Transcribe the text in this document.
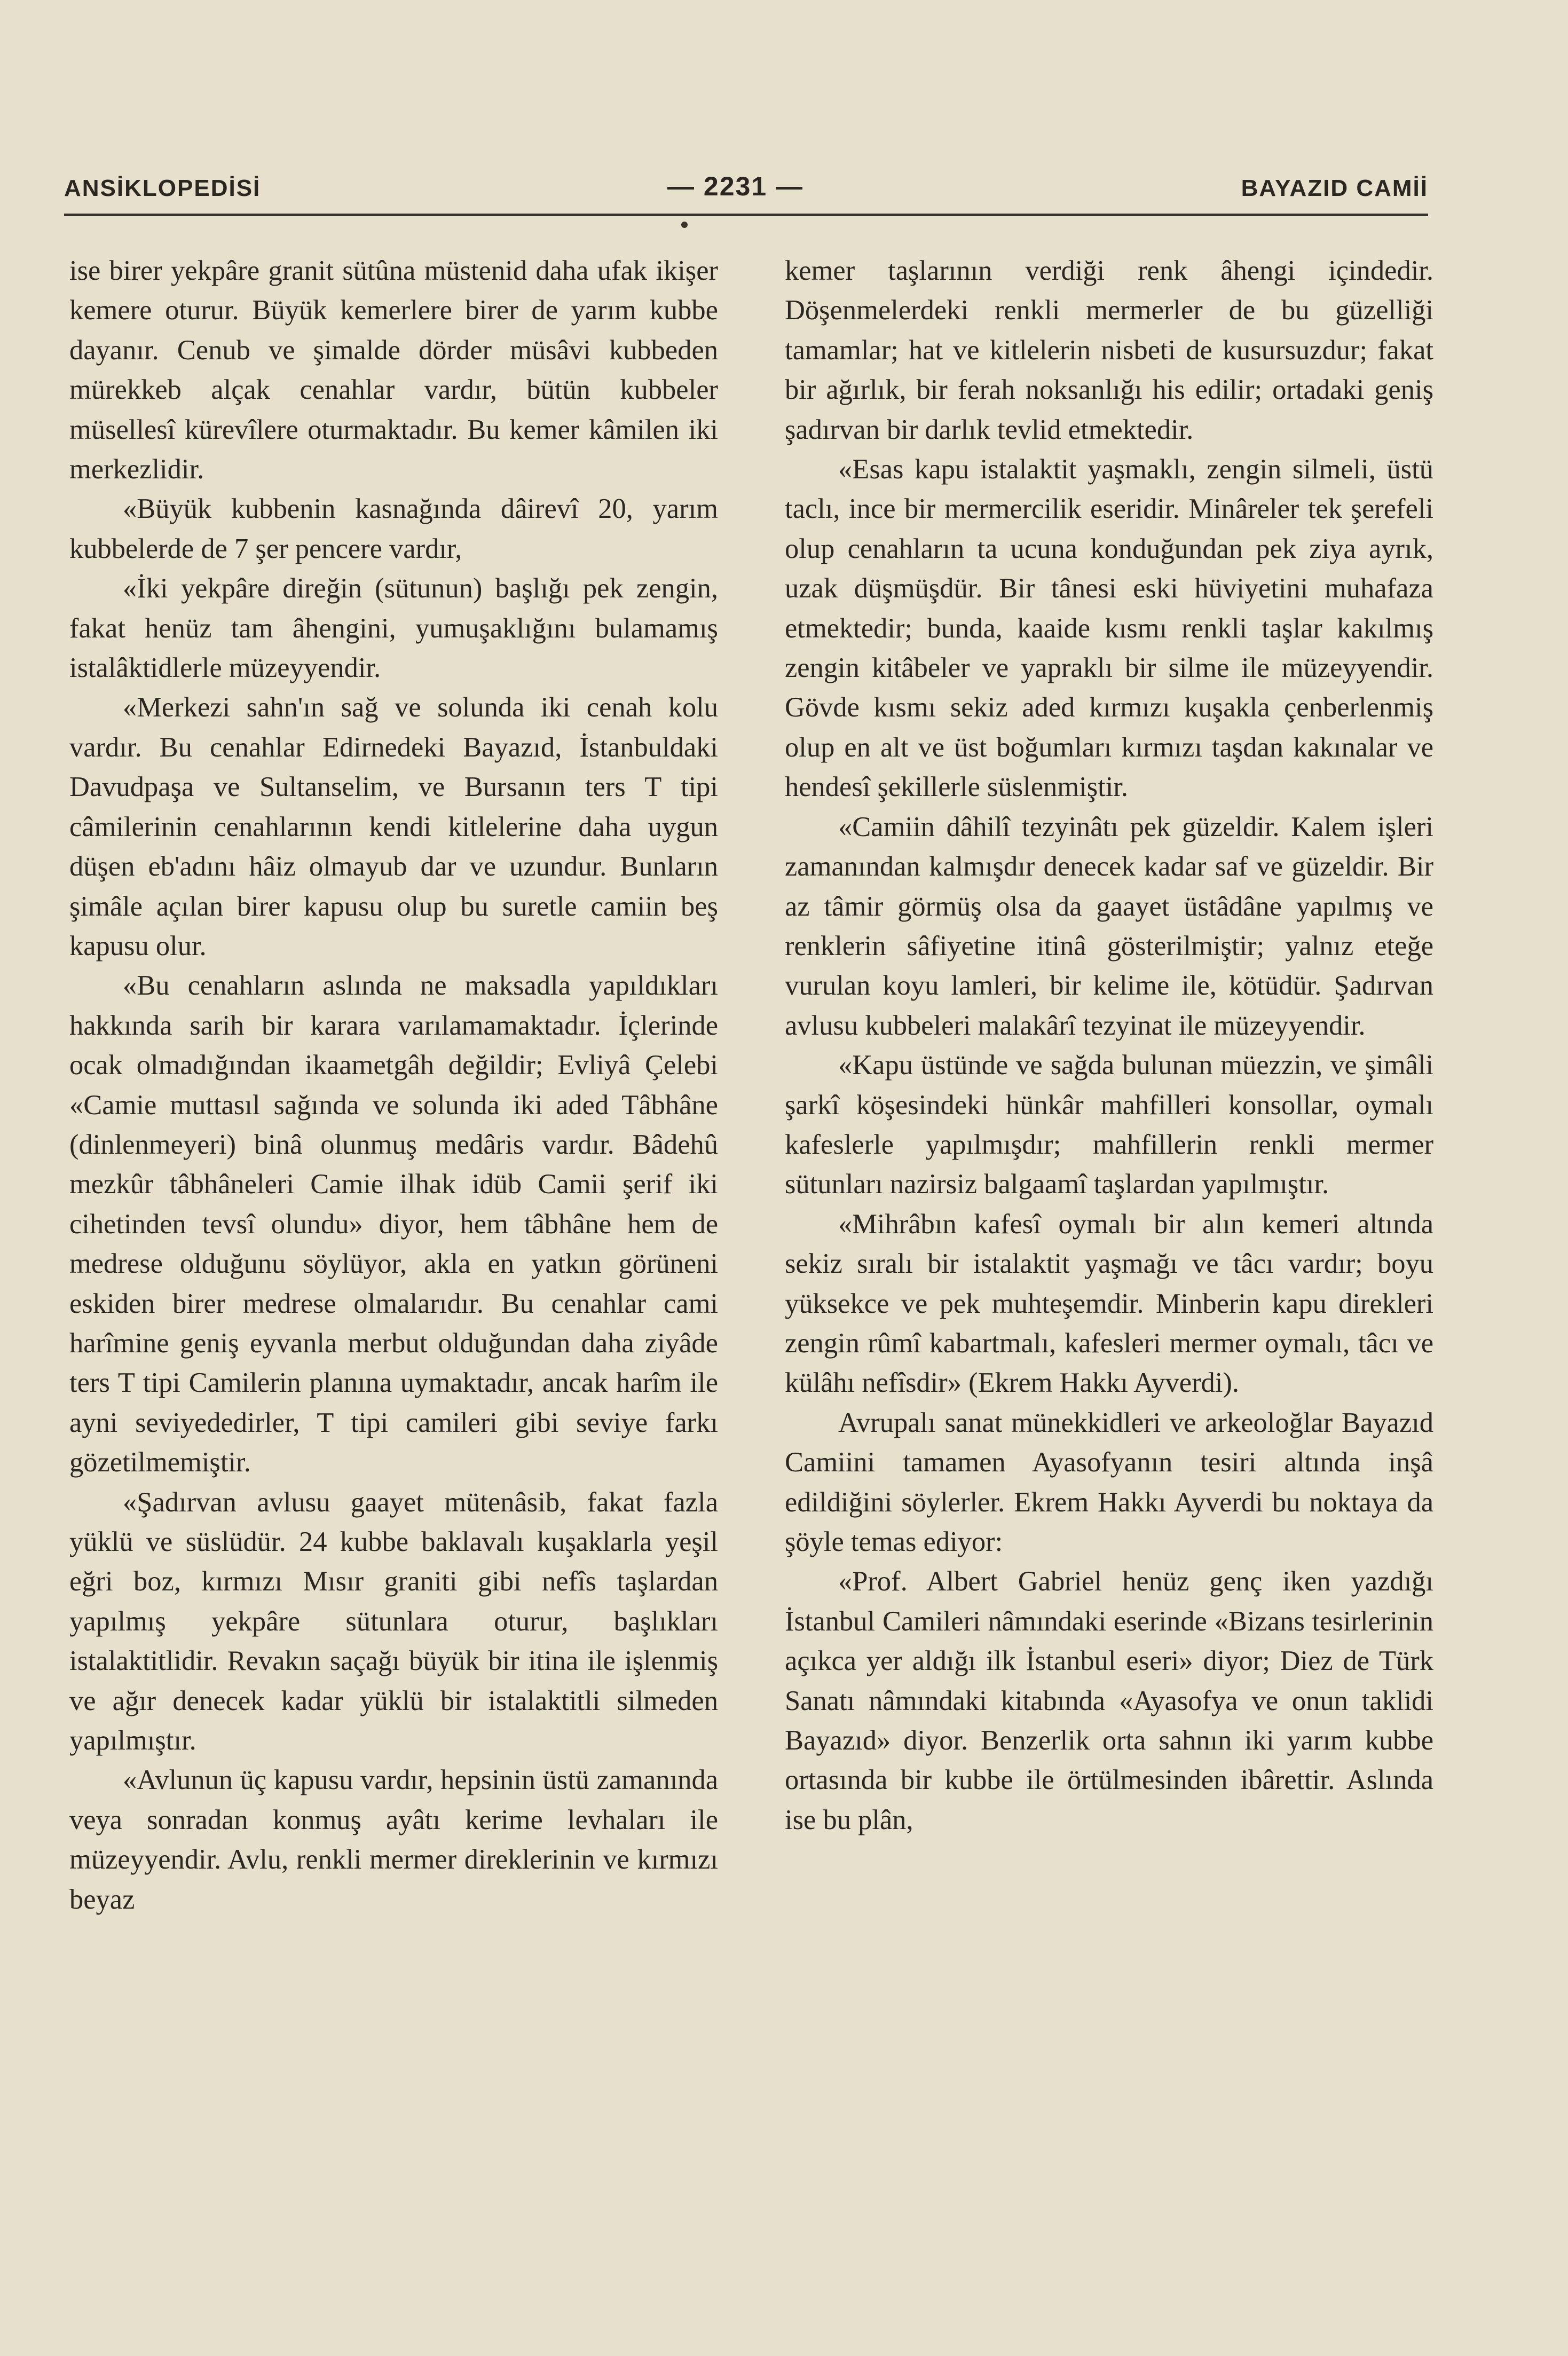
ANSİKLOPEDİSİ	— 2231 —	BAYAZID CAMİİ

ise birer yekpâre granit sütûna müstenid daha ufak ikişer kemere oturur. Büyük kemerlere birer de yarım kubbe dayanır. Cenub ve şimalde dörder müsâvi kubbeden mürekkeb alçak cenahlar vardır, bütün kubbeler müsellesî kürevîlere oturmaktadır. Bu kemer kâmilen iki merkezlidir.

«Büyük kubbenin kasnağında dâirevî 20, yarım kubbelerde de 7 şer pencere vardır,

«İki yekpâre direğin (sütunun) başlığı pek zengin, fakat henüz tam âhengini, yumuşaklığını bulamamış istalâktidlerle müzeyyendir.

«Merkezi sahn'ın sağ ve solunda iki cenah kolu vardır. Bu cenahlar Edirnedeki Bayazıd, İstanbuldaki Davudpaşa ve Sultanselim, ve Bursanın ters T tipi câmilerinin cenahlarının kendi kitlelerine daha uygun düşen eb'adını hâiz olmayub dar ve uzundur. Bunların şimâle açılan birer kapusu olup bu suretle camiin beş kapusu olur.

«Bu cenahların aslında ne maksadla yapıldıkları hakkında sarih bir karara varılamamaktadır. İçlerinde ocak olmadığından ikaametgâh değildir; Evliyâ Çelebi «Camie muttasıl sağında ve solunda iki aded Tâbhâne (dinlenmeyeri) binâ olunmuş medâris vardır. Bâdehû mezkûr tâbhâneleri Camie ilhak idüb Camii şerif iki cihetinden tevsî olundu» diyor, hem tâbhâne hem de medrese olduğunu söylüyor, akla en yatkın görüneni eskiden birer medrese olmalarıdır. Bu cenahlar cami harîmine geniş eyvanla merbut olduğundan daha ziyâde ters T tipi Camilerin planına uymaktadır, ancak harîm ile ayni seviyededirler, T tipi camileri gibi seviye farkı gözetilmemiştir.

«Şadırvan avlusu gaayet mütenâsib, fakat fazla yüklü ve süslüdür. 24 kubbe baklavalı kuşaklarla yeşil eğri boz, kırmızı Mısır graniti gibi nefîs taşlardan yapılmış yekpâre sütunlara oturur, başlıkları istalaktitlidir. Revakın saçağı büyük bir itina ile işlenmiş ve ağır denecek kadar yüklü bir istalaktitli silmeden yapılmıştır.

«Avlunun üç kapusu vardır, hepsinin üstü zamanında veya sonradan konmuş ayâtı kerime levhaları ile müzeyyendir. Avlu, renkli mermer direklerinin ve kırmızı beyaz

kemer taşlarının verdiği renk âhengi içindedir. Döşenmelerdeki renkli mermerler de bu güzelliği tamamlar; hat ve kitlelerin nisbeti de kusursuzdur; fakat bir ağırlık, bir ferah noksanlığı his edilir; ortadaki geniş şadırvan bir darlık tevlid etmektedir.

«Esas kapu istalaktit yaşmaklı, zengin silmeli, üstü taclı, ince bir mermercilik eseridir. Minâreler tek şerefeli olup cenahların ta ucuna konduğundan pek ziya ayrık, uzak düşmüşdür. Bir tânesi eski hüviyetini muhafaza etmektedir; bunda, kaaide kısmı renkli taşlar kakılmış zengin kitâbeler ve yapraklı bir silme ile müzeyyendir. Gövde kısmı sekiz aded kırmızı kuşakla çenberlenmiş olup en alt ve üst boğumları kırmızı taşdan kakınalar ve hendesî şekillerle süslenmiştir.

«Camiin dâhilî tezyinâtı pek güzeldir. Kalem işleri zamanından kalmışdır denecek kadar saf ve güzeldir. Bir az tâmir görmüş olsa da gaayet üstâdâne yapılmış ve renklerin sâfiyetine itinâ gösterilmiştir; yalnız eteğe vurulan koyu lamleri, bir kelime ile, kötüdür. Şadırvan avlusu kubbeleri malakârî tezyinat ile müzeyyendir.

«Kapu üstünde ve sağda bulunan müezzin, ve şimâli şarkî köşesindeki hünkâr mahfilleri konsollar, oymalı kafeslerle yapılmışdır; mahfillerin renkli mermer sütunları nazirsiz balgaamî taşlardan yapılmıştır.

«Mihrâbın kafesî oymalı bir alın kemeri altında sekiz sıralı bir istalaktit yaşmağı ve tâcı vardır; boyu yüksekce ve pek muhteşemdir. Minberin kapu direkleri zengin rûmî kabartmalı, kafesleri mermer oymalı, tâcı ve külâhı nefîsdir» (Ekrem Hakkı Ayverdi).

Avrupalı sanat münekkidleri ve arkeoloğlar Bayazıd Camiini tamamen Ayasofyanın tesiri altında inşâ edildiğini söylerler. Ekrem Hakkı Ayverdi bu noktaya da şöyle temas ediyor:

«Prof. Albert Gabriel henüz genç iken yazdığı İstanbul Camileri nâmındaki eserinde «Bizans tesirlerinin açıkca yer aldığı ilk İstanbul eseri» diyor; Diez de Türk Sanatı nâmındaki kitabında «Ayasofya ve onun taklidi Bayazıd» diyor. Benzerlik orta sahnın iki yarım kubbe ortasında bir kubbe ile örtülmesinden ibârettir. Aslında ise bu plân,
